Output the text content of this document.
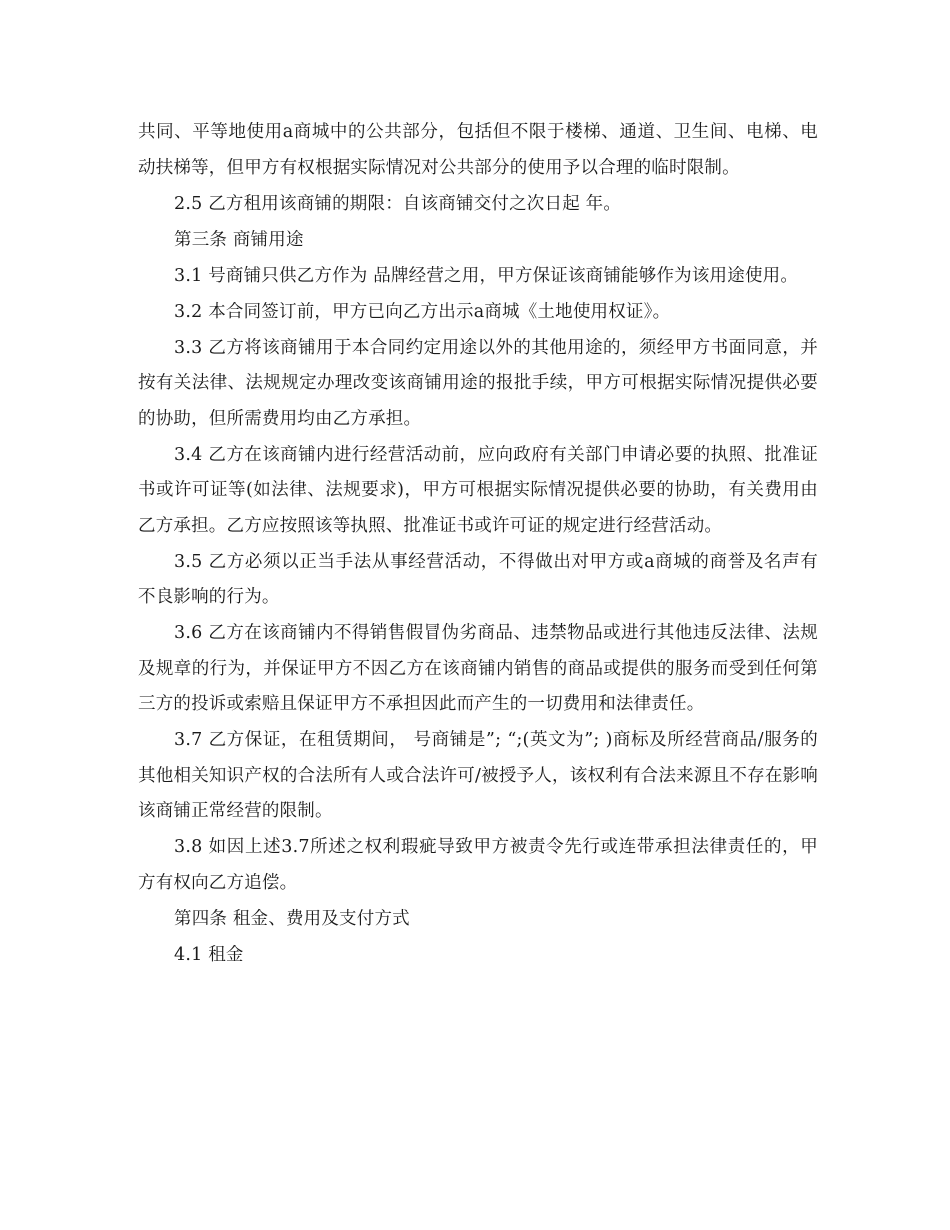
共同、平等地使用a商城中的公共部分，包括但不限于楼梯、通道、卫生间、电梯、电动扶梯等，但甲方有权根据实际情况对公共部分的使用予以合理的临时限制。

2.5 乙方租用该商铺的期限：自该商铺交付之次日起 年。

第三条 商铺用途

3.1 号商铺只供乙方作为 品牌经营之用，甲方保证该商铺能够作为该用途使用。

3.2 本合同签订前，甲方已向乙方出示a商城《土地使用权证》。

3.3 乙方将该商铺用于本合同约定用途以外的其他用途的，须经甲方书面同意，并按有关法律、法规规定办理改变该商铺用途的报批手续，甲方可根据实际情况提供必要的协助，但所需费用均由乙方承担。

3.4 乙方在该商铺内进行经营活动前，应向政府有关部门申请必要的执照、批准证书或许可证等(如法律、法规要求)，甲方可根据实际情况提供必要的协助，有关费用由乙方承担。乙方应按照该等执照、批准证书或许可证的规定进行经营活动。

3.5 乙方必须以正当手法从事经营活动，不得做出对甲方或a商城的商誉及名声有不良影响的行为。

3.6 乙方在该商铺内不得销售假冒伪劣商品、违禁物品或进行其他违反法律、法规及规章的行为，并保证甲方不因乙方在该商铺内销售的商品或提供的服务而受到任何第三方的投诉或索赔且保证甲方不承担因此而产生的一切费用和法律责任。

3.7 乙方保证，在租赁期间， 号商铺是”; “;(英文为”; )商标及所经营商品/服务的其他相关知识产权的合法所有人或合法许可/被授予人，该权利有合法来源且不存在影响该商铺正常经营的限制。

3.8 如因上述3.7所述之权利瑕疵导致甲方被责令先行或连带承担法律责任的，甲方有权向乙方追偿。

第四条 租金、费用及支付方式

4.1 租金
